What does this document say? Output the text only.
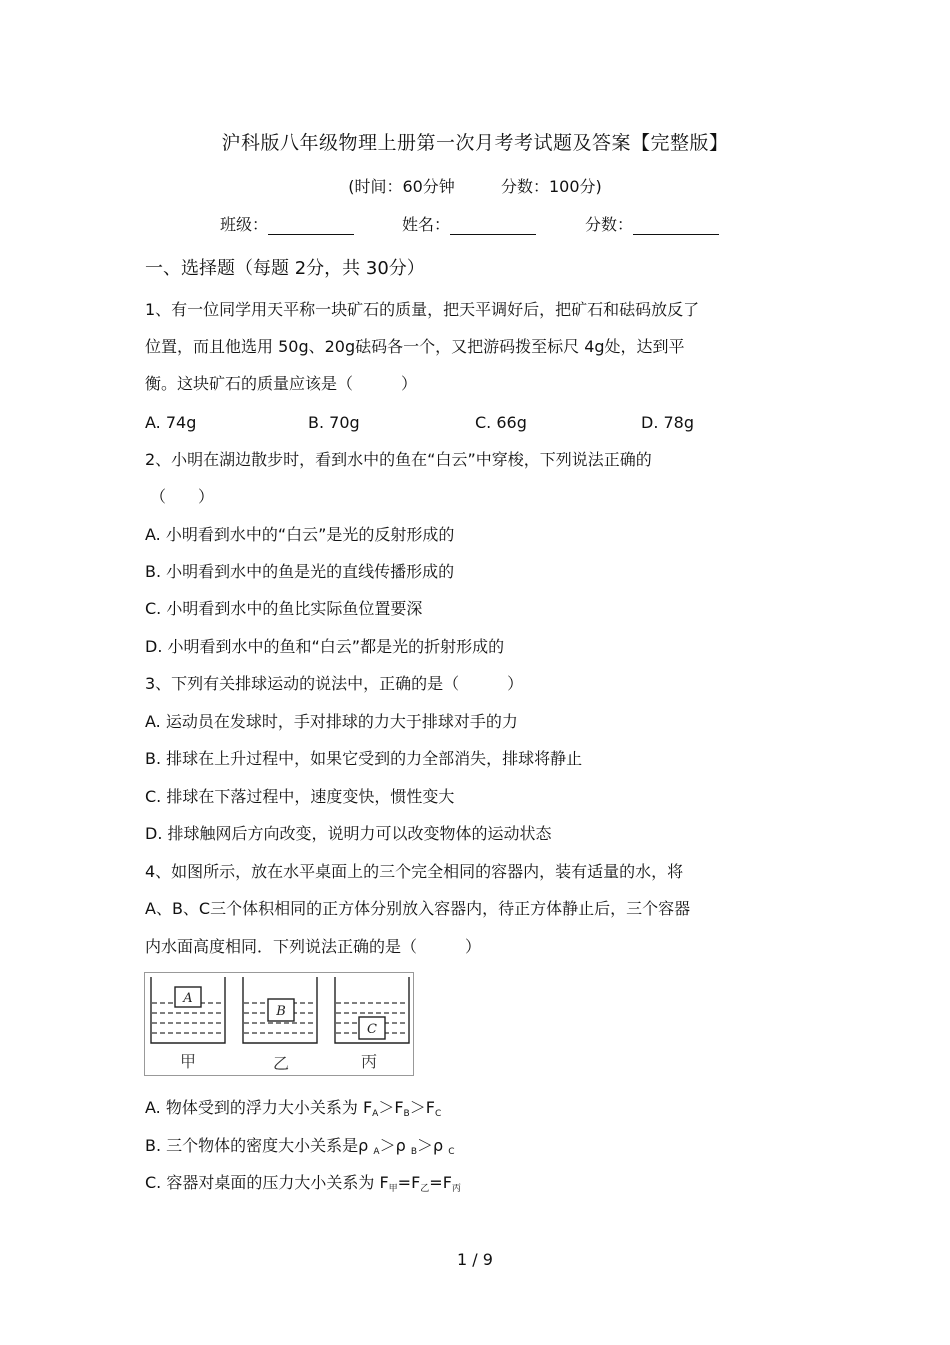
沪科版八年级物理上册第一次月考考试题及答案【完整版】
(时间：60分钟	分数：100分)
班级：	姓名：	分数：
一、选择题（每题 2分，共 30分）
1、有一位同学用天平称一块矿石的质量，把天平调好后，把矿石和砝码放反了
位置，而且他选用 50g、20g砝码各一个，又把游码拨至标尺 4g处，达到平
衡。这块矿石的质量应该是（　　　）
A. 74g	B. 70g	C. 66g	D. 78g
2、小明在湖边散步时，看到水中的鱼在“白云”中穿梭，下列说法正确的
（　　）
A. 小明看到水中的“白云”是光的反射形成的
B. 小明看到水中的鱼是光的直线传播形成的
C. 小明看到水中的鱼比实际鱼位置要深
D. 小明看到水中的鱼和“白云”都是光的折射形成的
3、下列有关排球运动的说法中，正确的是（　　　）
A. 运动员在发球时，手对排球的力大于排球对手的力
B. 排球在上升过程中，如果它受到的力全部消失，排球将静止
C. 排球在下落过程中，速度变快，惯性变大
D. 排球触网后方向改变，说明力可以改变物体的运动状态
4、如图所示，放在水平桌面上的三个完全相同的容器内，装有适量的水，将
A、B、C三个体积相同的正方体分别放入容器内，待正方体静止后，三个容器
内水面高度相同．下列说法正确的是（　　　）
A
B
C
甲	乙	丙
A. 物体受到的浮力大小关系为 $F_A>F_B>F_C$
B. 三个物体的密度大小关系是ρ $_A$＞ρ $_B$＞ρ $_C$
C. 容器对桌面的压力大小关系为 $F_甲=F_乙=F_丙$
1 / 9
